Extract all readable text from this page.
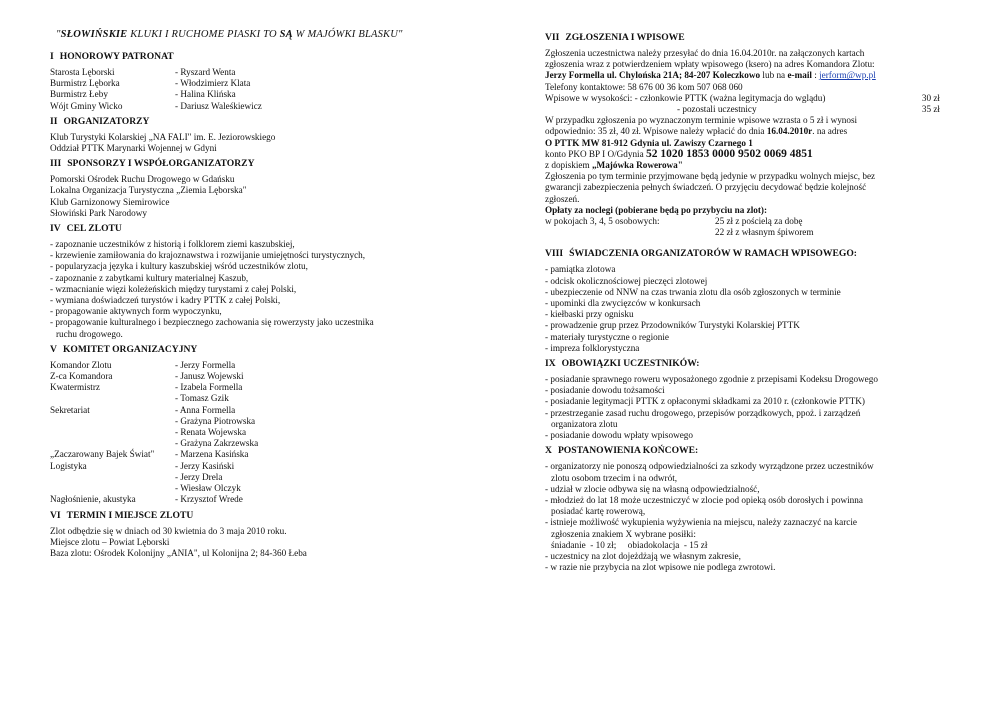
"SŁOWIŃSKIE KLUKI I RUCHOME PIASKI TO SĄ W MAJÓWKI BLASKU"
I HONOROWY PATRONAT
Starosta Lęborski	- Ryszard Wenta
Burmistrz Lęborka	- Włodzimierz Klata
Burmistrz Łeby	- Halina Klińska
Wójt Gminy Wicko	- Dariusz Waleśkiewicz
II ORGANIZATORZY

Klub Turystyki Kolarskiej „NA FALI" im. E. Jeziorowskiego

Oddział PTTK Marynarki Wojennej w Gdyni

III SPONSORZY I WSPÓŁORGANIZATORZY

Pomorski Ośrodek Ruchu Drogowego w Gdańsku

Lokalna Organizacja Turystyczna „Ziemia Lęborska"

Klub Garnizonowy Siemirowice

Słowiński Park Narodowy

IV CEL ZLOTU
- zapoznanie uczestników z historią i folklorem ziemi kaszubskiej,
- krzewienie zamiłowania do krajoznawstwa i rozwijanie umiejętności turystycznych,
- popularyzacja języka i kultury kaszubskiej wśród uczestników zlotu,
- zapoznanie z zabytkami kultury materialnej Kaszub,
- wzmacnianie więzi koleżeńskich między turystami z całej Polski,
- wymiana doświadczeń turystów i kadry PTTK z całej Polski,
- propagowanie aktywnych form wypoczynku,
- propagowanie kulturalnego i bezpiecznego zachowania się rowerzysty jako uczestnika
ruchu drogowego.
V KOMITET ORGANIZACYJNY
Komandor Zlotu	- Jerzy Formella
Z-ca Komandora	- Janusz Wojewski
Kwatermistrz	- Izabela Formella
- Tomasz Gzik
Sekretariat	- Anna Formella
- Grażyna Piotrowska
- Renata Wojewska
- Grażyna Zakrzewska
„Zaczarowany Bajek Świat"	- Marzena Kasińska
Logistyka	- Jerzy Kasiński
- Jerzy Drela
- Wiesław Olczyk
Nagłośnienie, akustyka	- Krzysztof Wrede
VI TERMIN I MIEJSCE ZLOTU

Zlot odbędzie się w dniach od 30 kwietnia do 3 maja 2010 roku.

Miejsce zlotu – Powiat Lęborski

Baza zlotu: Ośrodek Kolonijny „ANIA", ul Kolonijna 2; 84-360 Łeba

VII ZGŁOSZENIA I WPISOWE

Zgłoszenia uczestnictwa należy przesyłać do dnia 16.04.2010r. na załączonych kartach

zgłoszenia wraz z potwierdzeniem wpłaty wpisowego (ksero) na adres Komandora Zlotu:

Jerzy Formella ul. Chylońska 21A; 84-207 Koleczkowo lub na e-mail : jerform@wp.pl

Telefony kontaktowe: 58 676 00 36 kom 507 068 060

Wpisowe w wysokości: - członkowie PTTK (ważna legitymacja do wglądu)	30 zł
- pozostali uczestnicy	35 zł

W przypadku zgłoszenia po wyznaczonym terminie wpisowe wzrasta o 5 zł i wynosi

odpowiednio: 35 zł, 40 zł. Wpisowe należy wpłacić do dnia 16.04.2010r. na adres

O PTTK MW 81-912 Gdynia ul. Zawiszy Czarnego 1

konto PKO BP I O/Gdynia 52 1020 1853 0000 9502 0069 4851

z dopiskiem „Majówka Rowerowa"

Zgłoszenia po tym terminie przyjmowane będą jedynie w przypadku wolnych miejsc, bez

gwarancji zabezpieczenia pełnych świadczeń. O przyjęciu decydować będzie kolejność

zgłoszeń.

Opłaty za noclegi (pobierane będą po przybyciu na zlot):

w pokojach 3, 4, 5 osobowych:	25 zł z pościelą za dobę
22 zł z własnym śpiworem
VIII ŚWIADCZENIA ORGANIZATORÓW W RAMACH WPISOWEGO:
- pamiątka zlotowa
- odcisk okolicznościowej pieczęci zlotowej
- ubezpieczenie od NNW na czas trwania zlotu dla osób zgłoszonych w terminie
- upominki dla zwycięzców w konkursach
- kiełbaski przy ognisku
- prowadzenie grup przez Przodowników Turystyki Kolarskiej PTTK
- materiały turystyczne o regionie
- impreza folklorystyczna
IX OBOWIĄZKI UCZESTNIKÓW:
- posiadanie sprawnego roweru wyposażonego zgodnie z przepisami Kodeksu Drogowego
- posiadanie dowodu tożsamości
- posiadanie legitymacji PTTK z opłaconymi składkami za 2010 r. (członkowie PTTK)
- przestrzeganie zasad ruchu drogowego, przepisów porządkowych, ppoż. i zarządzeń
organizatora zlotu
- posiadanie dowodu wpłaty wpisowego
X POSTANOWIENIA KOŃCOWE:
- organizatorzy nie ponoszą odpowiedzialności za szkody wyrządzone przez uczestników
zlotu osobom trzecim i na odwrót,
- udział w zlocie odbywa się na własną odpowiedzialność,
- młodzież do lat 18 może uczestniczyć w zlocie pod opieką osób dorosłych i powinna
posiadać kartę rowerową,
- istnieje możliwość wykupienia wyżywienia na miejscu, należy zaznaczyć na karcie
zgłoszenia znakiem X wybrane posiłki:
śniadanie  - 10 zł;     obiadokolacja  - 15 zł
- uczestnicy na zlot dojeżdżają we własnym zakresie,
- w razie nie przybycia na zlot wpisowe nie podlega zwrotowi.
